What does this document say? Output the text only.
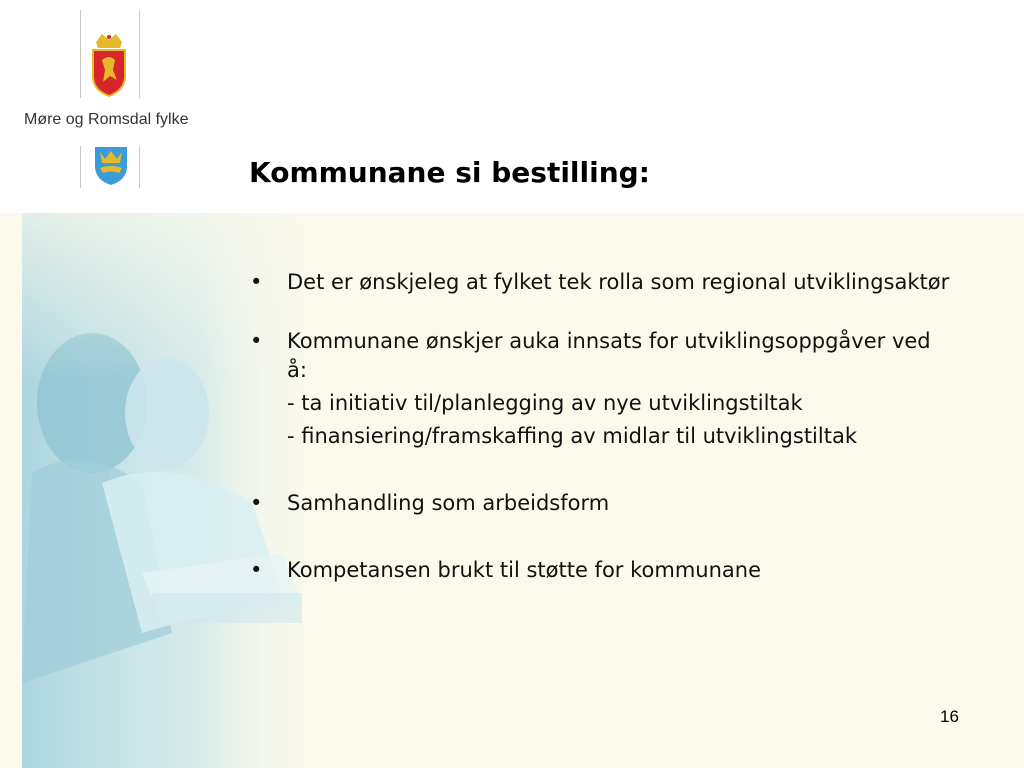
Møre og Romsdal fylke
Kommunane si bestilling:
•	Det er ønskjeleg at fylket tek rolla som regional utviklingsaktør
•	Kommunane ønskjer auka innsats for utviklingsoppgåver ved å:
- ta initiativ til/planlegging av nye utviklingstiltak
- finansiering/framskaffing av midlar til utviklingstiltak
•	Samhandling som arbeidsform
•	Kompetansen brukt til støtte for kommunane
16
